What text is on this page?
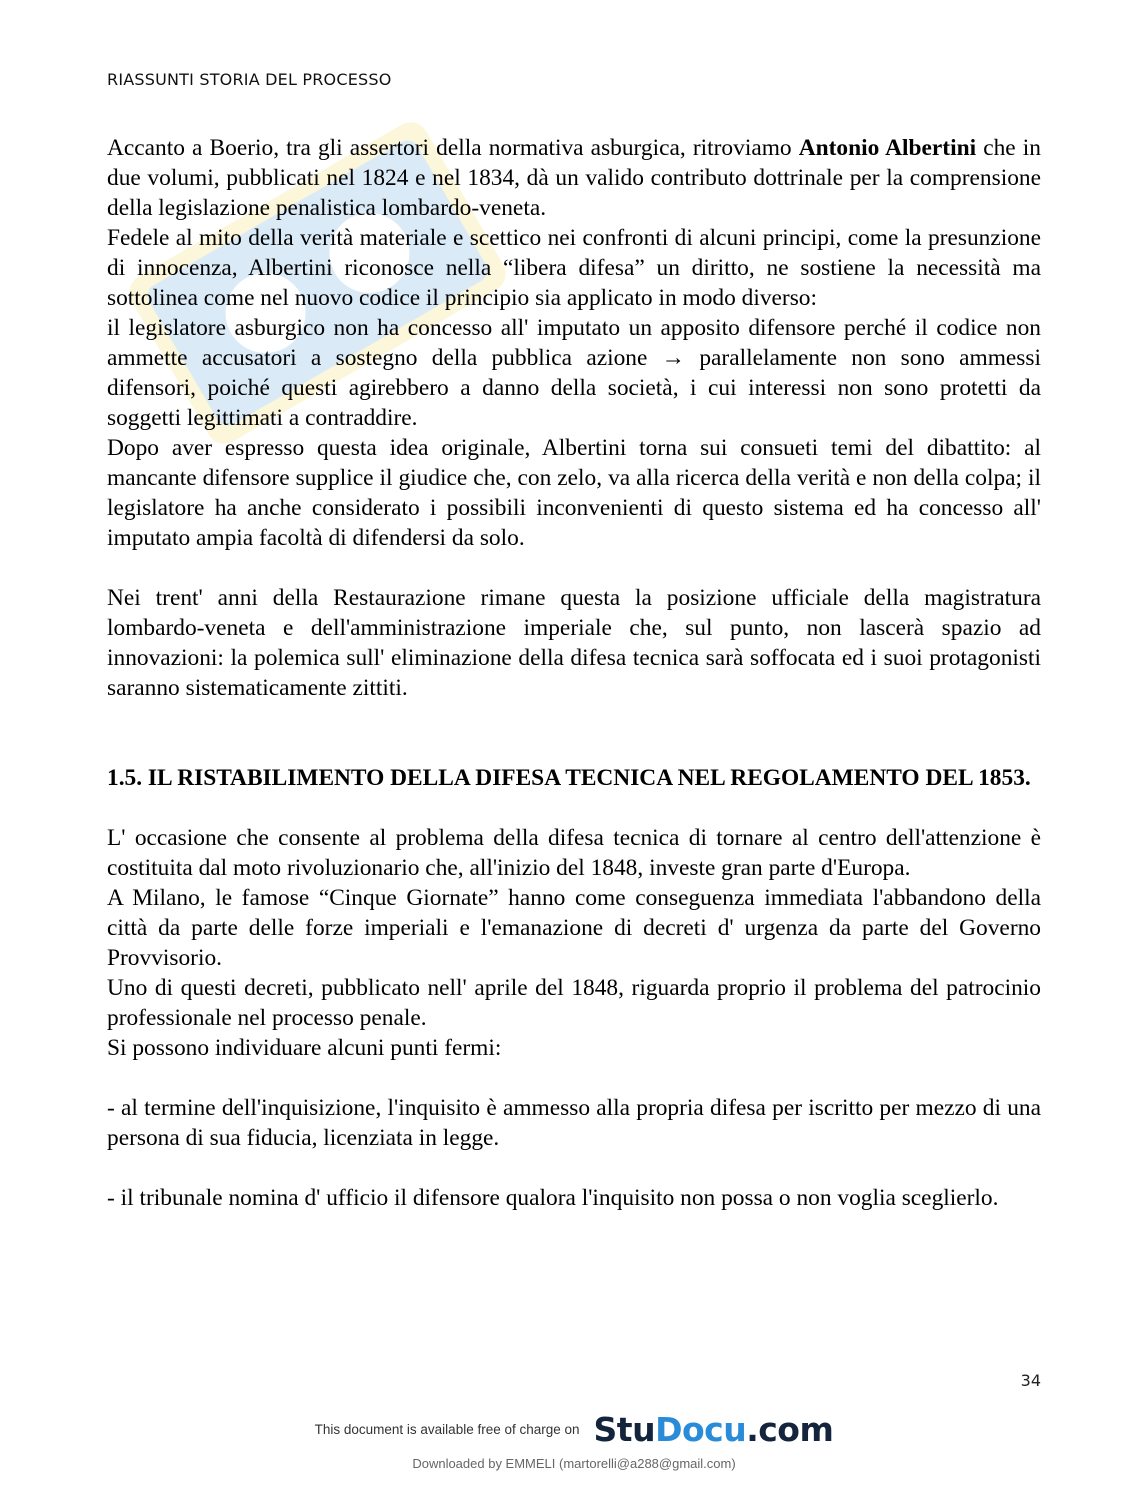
RIASSUNTI STORIA DEL PROCESSO

Accanto a Boerio, tra gli assertori della normativa asburgica, ritroviamo Antonio Albertini che in due volumi, pubblicati nel 1824 e nel 1834, dà un valido contributo dottrinale per la comprensione della legislazione penalistica lombardo-veneta.

Fedele al mito della verità materiale e scettico nei confronti di alcuni principi, come la presunzione di innocenza, Albertini riconosce nella “libera difesa” un diritto, ne sostiene la necessità ma sottolinea come nel nuovo codice il principio sia applicato in modo diverso:

il legislatore asburgico non ha concesso all' imputato un apposito difensore perché il codice non ammette accusatori a sostegno della pubblica azione → parallelamente non sono ammessi difensori, poiché questi agirebbero a danno della società, i cui interessi non sono protetti da soggetti legittimati a contraddire.

Dopo aver espresso questa idea originale, Albertini torna sui consueti temi del dibattito: al mancante difensore supplice il giudice che, con zelo, va alla ricerca della verità e non della colpa; il legislatore ha anche considerato i possibili inconvenienti di questo sistema ed ha concesso all' imputato ampia facoltà di difendersi da solo.

Nei trent' anni della Restaurazione rimane questa la posizione ufficiale della magistratura lombardo-veneta e dell'amministrazione imperiale che, sul punto, non lascerà spazio ad innovazioni: la polemica sull' eliminazione della difesa tecnica sarà soffocata ed i suoi protagonisti saranno sistematicamente zittiti.

1.5. IL RISTABILIMENTO DELLA DIFESA TECNICA NEL REGOLAMENTO DEL 1853.

L' occasione che consente al problema della difesa tecnica di tornare al centro dell'attenzione è costituita dal moto rivoluzionario che, all'inizio del 1848, investe gran parte d'Europa.

A Milano, le famose “Cinque Giornate” hanno come conseguenza immediata l'abbandono della città da parte delle forze imperiali e l'emanazione di decreti d' urgenza da parte del Governo Provvisorio.

Uno di questi decreti, pubblicato nell' aprile del 1848, riguarda proprio il problema del patrocinio professionale nel processo penale.

Si possono individuare alcuni punti fermi:

- al termine dell'inquisizione, l'inquisito è ammesso alla propria difesa per iscritto per mezzo di una persona di sua fiducia, licenziata in legge.

- il tribunale nomina d' ufficio il difensore qualora l'inquisito non possa o non voglia sceglierlo.

34
This document is available free of charge on StuDocu.com
Downloaded by EMMELI (martorelli@a288@gmail.com)
